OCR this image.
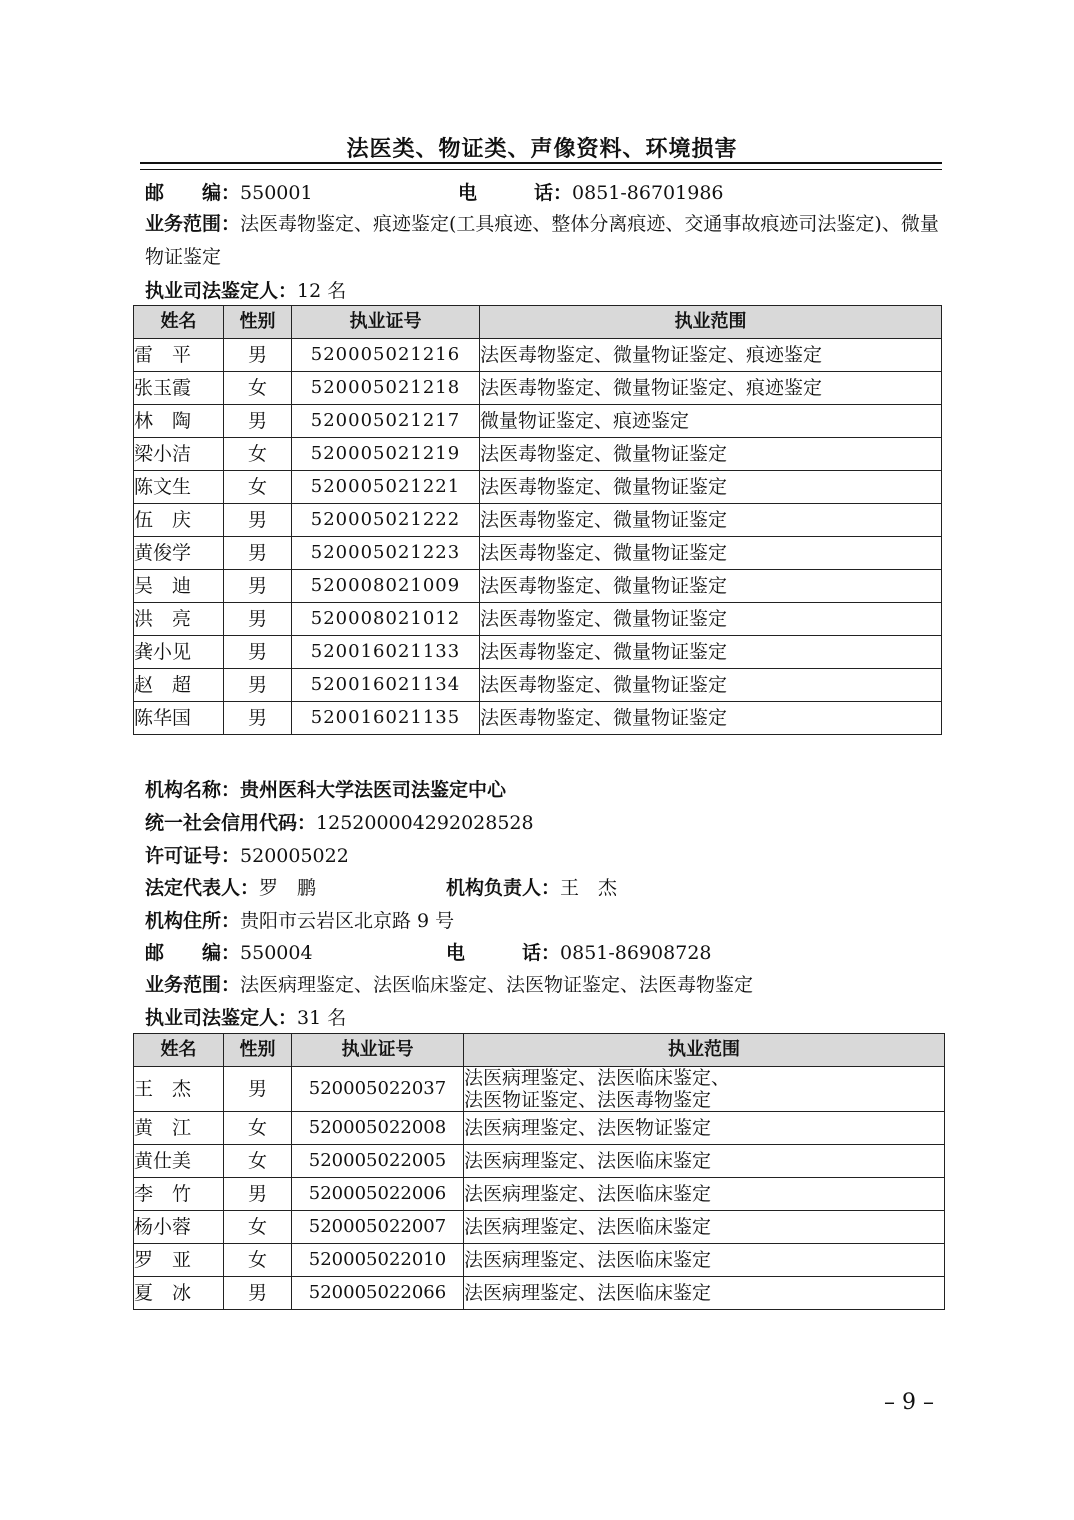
法医类、物证类、声像资料、环境损害
邮　　编：550001	电　　　话：0851-86701986
业务范围：法医毒物鉴定、痕迹鉴定(工具痕迹、整体分离痕迹、交通事故痕迹司法鉴定)、微量物证鉴定
执业司法鉴定人：12 名
姓名	性别	执业证号	执业范围
雷　平	男	520005021216	法医毒物鉴定、微量物证鉴定、痕迹鉴定
张玉霞	女	520005021218	法医毒物鉴定、微量物证鉴定、痕迹鉴定
林　陶	男	520005021217	微量物证鉴定、痕迹鉴定
梁小洁	女	520005021219	法医毒物鉴定、微量物证鉴定
陈文生	女	520005021221	法医毒物鉴定、微量物证鉴定
伍　庆	男	520005021222	法医毒物鉴定、微量物证鉴定
黄俊学	男	520005021223	法医毒物鉴定、微量物证鉴定
吴　迪	男	520008021009	法医毒物鉴定、微量物证鉴定
洪　亮	男	520008021012	法医毒物鉴定、微量物证鉴定
龚小见	男	520016021133	法医毒物鉴定、微量物证鉴定
赵　超	男	520016021134	法医毒物鉴定、微量物证鉴定
陈华国	男	520016021135	法医毒物鉴定、微量物证鉴定
机构名称：贵州医科大学法医司法鉴定中心
统一社会信用代码：125200004292028528
许可证号：520005022
法定代表人：罗　鹏	机构负责人：王　杰
机构住所：贵阳市云岩区北京路 9 号
邮　　编：550004	电　　　话：0851-86908728
业务范围：法医病理鉴定、法医临床鉴定、法医物证鉴定、法医毒物鉴定
执业司法鉴定人：31 名
姓名	性别	执业证号	执业范围
王　杰	男	520005022037	法医病理鉴定、法医临床鉴定、法医物证鉴定、法医毒物鉴定
黄　江	女	520005022008	法医病理鉴定、法医物证鉴定
黄仕美	女	520005022005	法医病理鉴定、法医临床鉴定
李　竹	男	520005022006	法医病理鉴定、法医临床鉴定
杨小蓉	女	520005022007	法医病理鉴定、法医临床鉴定
罗　亚	女	520005022010	法医病理鉴定、法医临床鉴定
夏　冰	男	520005022066	法医病理鉴定、法医临床鉴定
– 9 –
